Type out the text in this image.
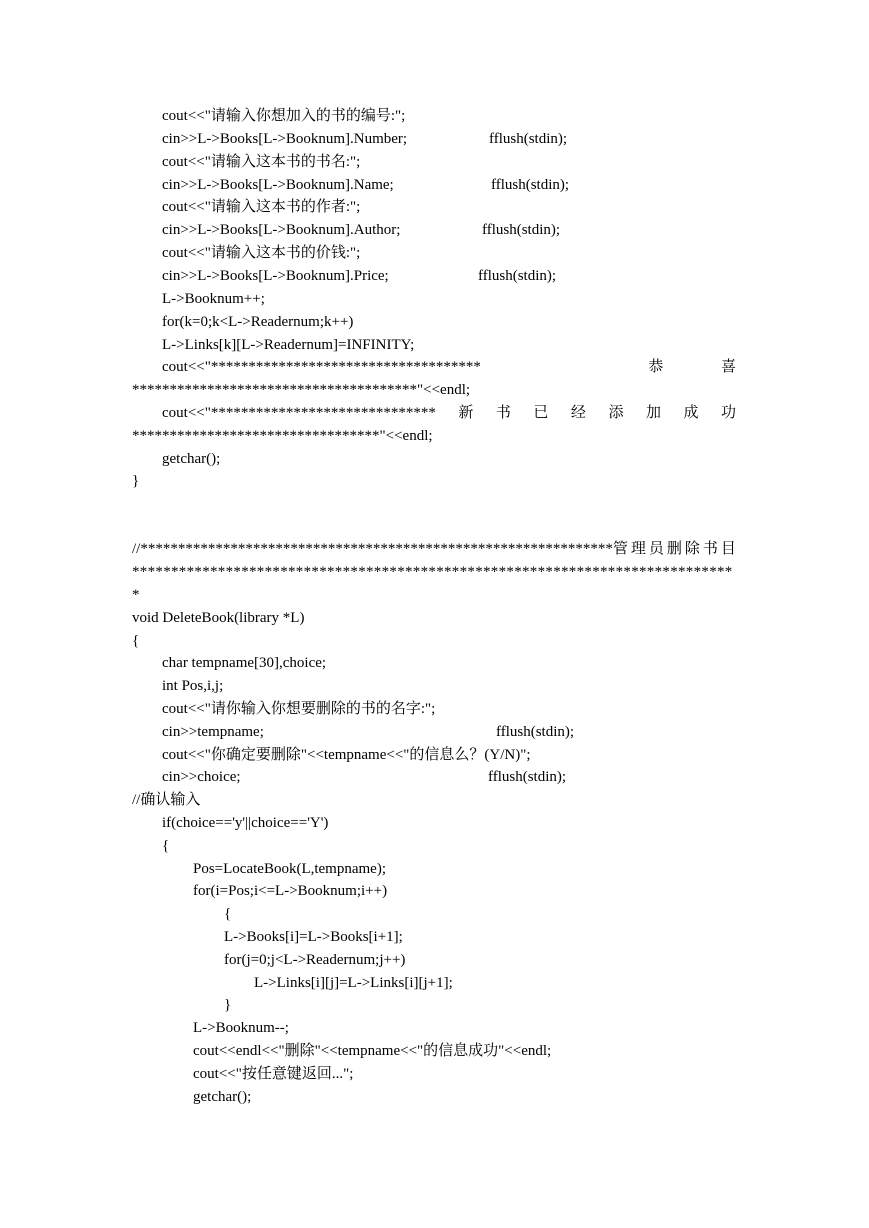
cout<<"请输入你想加入的书的编号:";
cin>>L->Books[L->Booknum].Number;	fflush(stdin);
cout<<"请输入这本书的书名:";
cin>>L->Books[L->Booknum].Name;	fflush(stdin);
cout<<"请输入这本书的作者:";
cin>>L->Books[L->Booknum].Author;	fflush(stdin);
cout<<"请输入这本书的价钱:";
cin>>L->Books[L->Booknum].Price;	fflush(stdin);
L->Booknum++;
for(k=0;k<L->Readernum;k++)
L->Links[k][L->Readernum]=INFINITY;
cout<<"************************************	恭	喜
**************************************"<<endl;
cout<<"****************************** 新 书 已 经 添 加 成 功
*********************************"<<endl;
getchar();
}
//*************************************************************** 管理员删除书目
*****************************************************************************
*
void DeleteBook(library *L)
{
char tempname[30],choice;
int Pos,i,j;
cout<<"请你输入你想要删除的书的名字:";
cin>>tempname;	fflush(stdin);
cout<<"你确定要删除"<<tempname<<"的信息么？(Y/N)";
cin>>choice;	fflush(stdin);
//确认输入
if(choice=='y'||choice=='Y')
{
Pos=LocateBook(L,tempname);
for(i=Pos;i<=L->Booknum;i++)
{
L->Books[i]=L->Books[i+1];
for(j=0;j<L->Readernum;j++)
L->Links[i][j]=L->Links[i][j+1];
}
L->Booknum--;
cout<<endl<<"删除"<<tempname<<"的信息成功"<<endl;
cout<<"按任意键返回...";
getchar();
